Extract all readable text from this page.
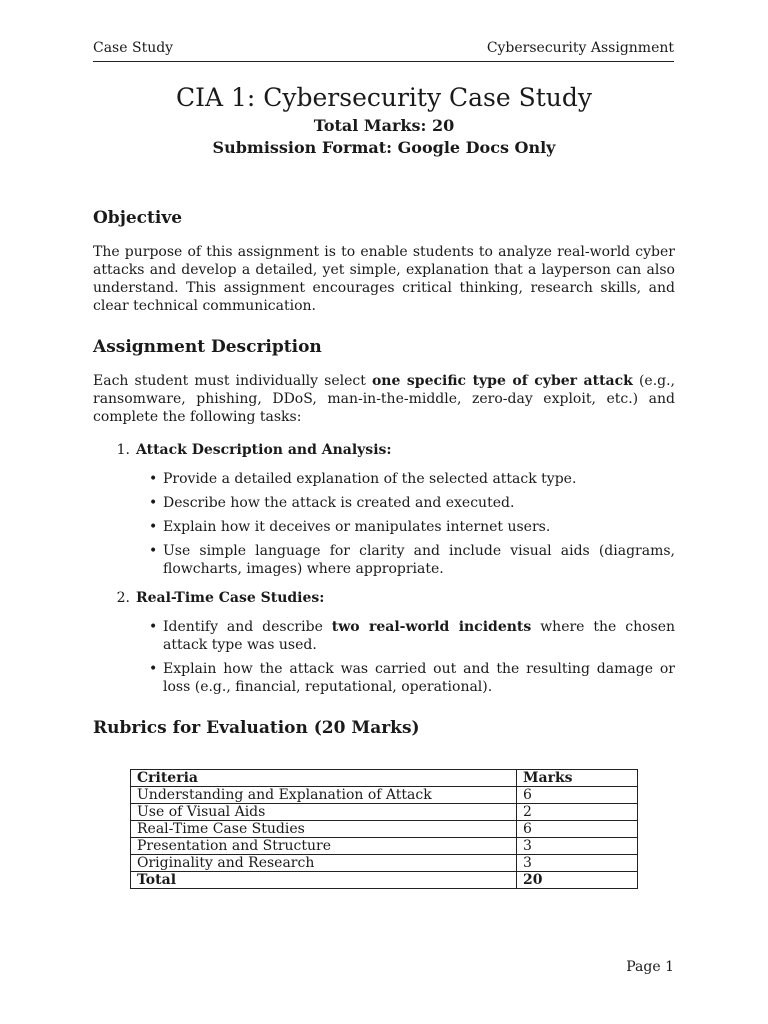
Case Study	Cybersecurity Assignment
CIA 1: Cybersecurity Case Study
Total Marks: 20
Submission Format: Google Docs Only
Objective

The purpose of this assignment is to enable students to analyze real-world cyber attacks and develop a detailed, yet simple, explanation that a layperson can also understand. This assignment encourages critical thinking, research skills, and clear technical communication.

Assignment Description

Each student must individually select one specific type of cyber attack (e.g., ransomware, phishing, DDoS, man-in-the-middle, zero-day exploit, etc.) and complete the following tasks:

1. Attack Description and Analysis:
• Provide a detailed explanation of the selected attack type.
• Describe how the attack is created and executed.
• Explain how it deceives or manipulates internet users.
• Use simple language for clarity and include visual aids (diagrams, flowcharts, images) where appropriate.
2. Real-Time Case Studies:
• Identify and describe two real-world incidents where the chosen attack type was used.
• Explain how the attack was carried out and the resulting damage or loss (e.g., financial, reputational, operational).
Rubrics for Evaluation (20 Marks)
Criteria	Marks
Understanding and Explanation of Attack	6
Use of Visual Aids	2
Real-Time Case Studies	6
Presentation and Structure	3
Originality and Research	3
Total	20
Page 1
